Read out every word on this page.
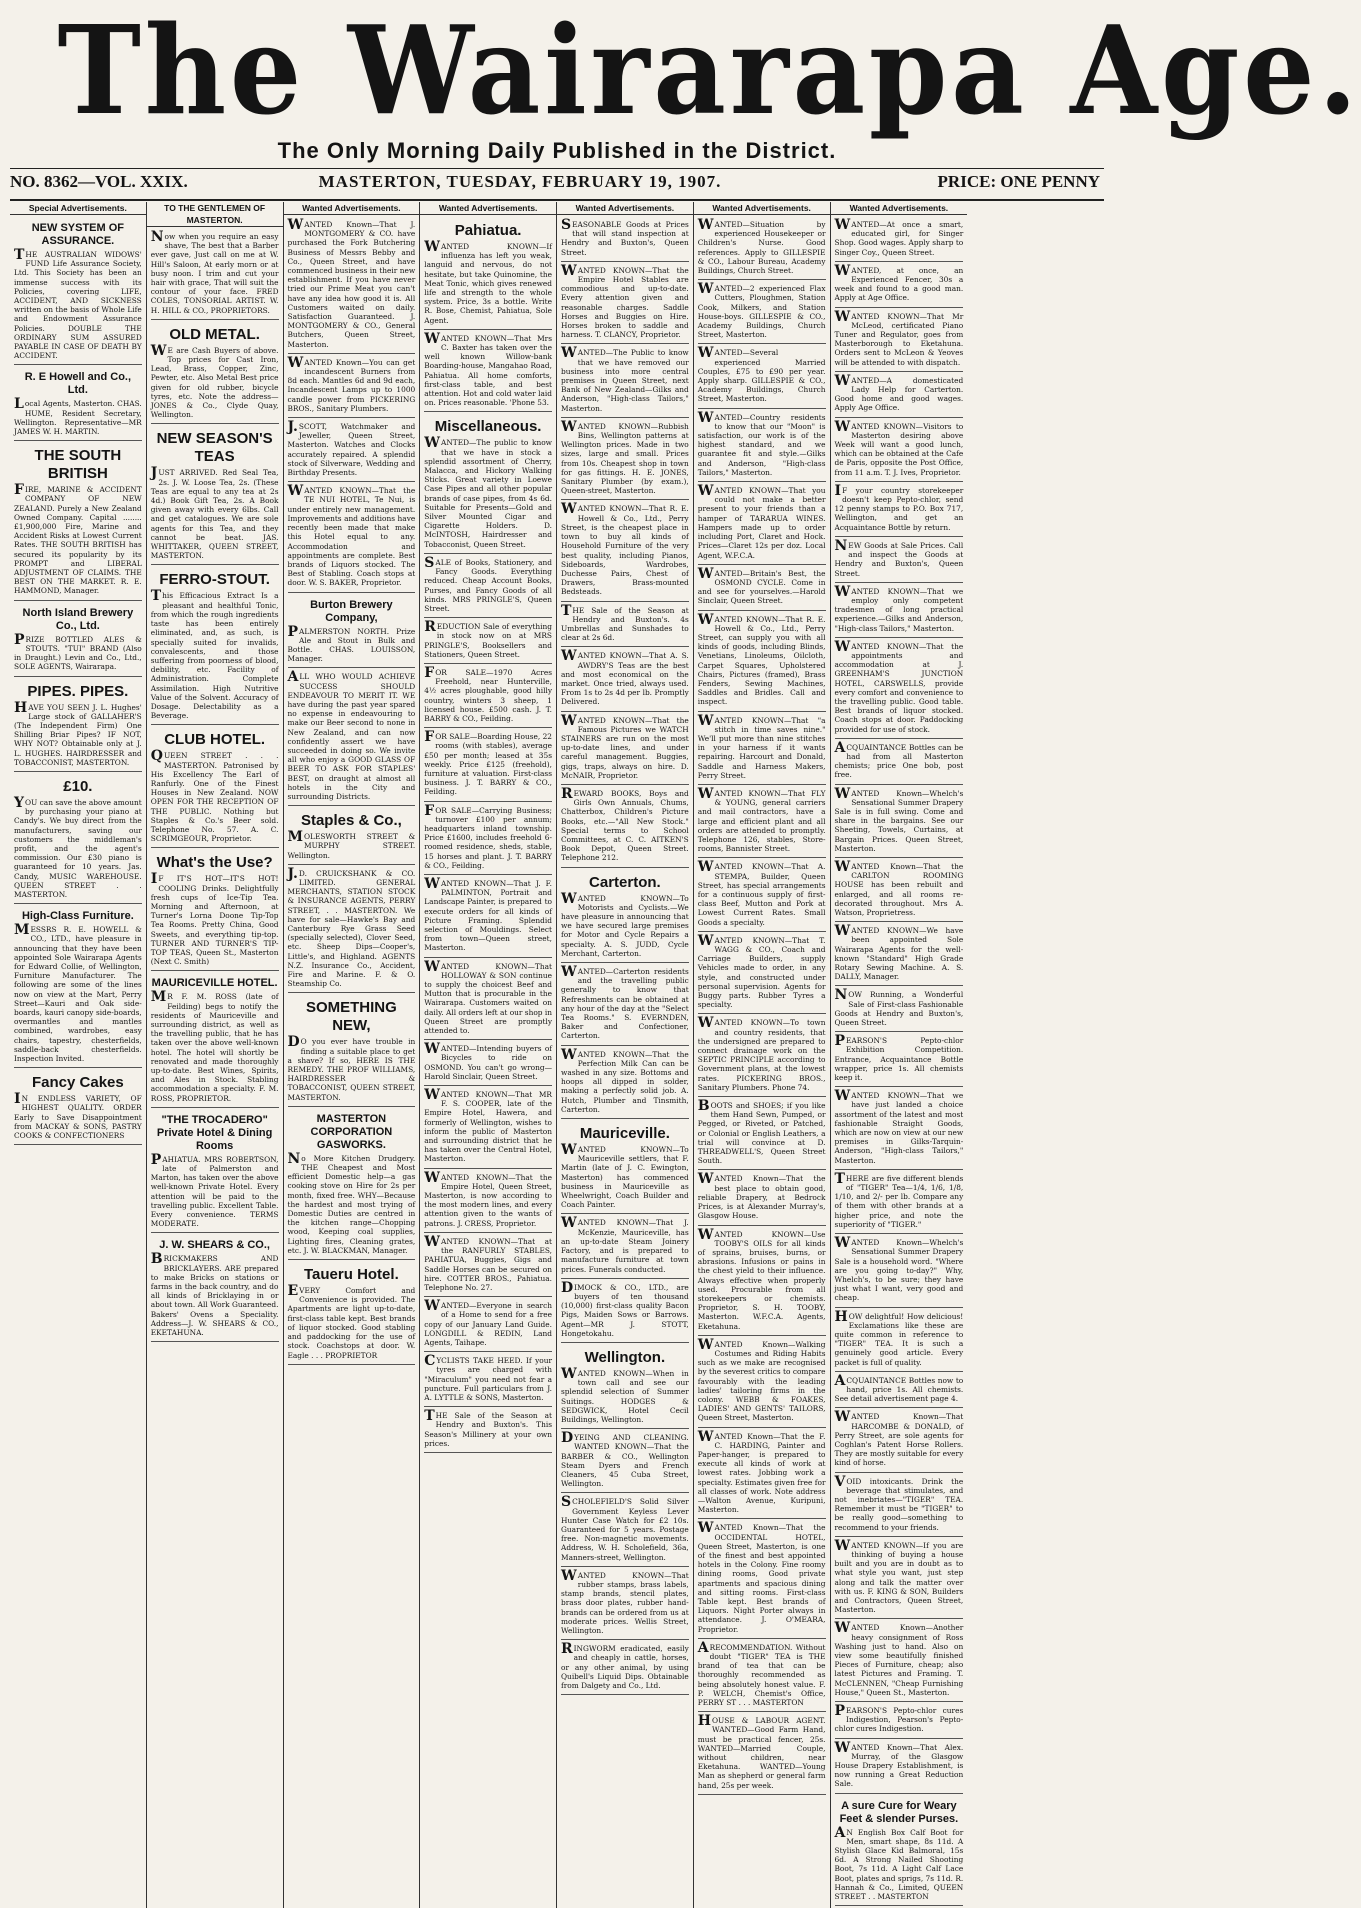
The Wairarapa Age.
The Only Morning Daily Published in the District.
NO. 8362—VOL. XXIX.	MASTERTON, TUESDAY, FEBRUARY 19, 1907.	PRICE: ONE PENNY
Special Advertisements.
NEW SYSTEM OF ASSURANCE.

THE AUSTRALIAN WIDOWS' FUND Life Assurance Society, Ltd. This Society has been an immense success with its Policies, covering LIFE, ACCIDENT, AND SICKNESS written on the basis of Whole Life and Endowment Assurance Policies. DOUBLE THE ORDINARY SUM ASSURED PAYABLE IN CASE OF DEATH BY ACCIDENT.

R. E Howell and Co., Ltd.

Local Agents, Masterton. CHAS. HUME, Resident Secretary, Wellington. Representative—MR JAMES W. H. MARTIN.

THE SOUTH BRITISH

FIRE, MARINE & ACCIDENT COMPANY OF NEW ZEALAND. Purely a New Zealand Owned Company. Capital ........ £1,900,000 Fire, Marine and Accident Risks at Lowest Current Rates. THE SOUTH BRITISH has secured its popularity by its PROMPT and LIBERAL ADJUSTMENT OF CLAIMS. THE BEST ON THE MARKET. R. E. HAMMOND, Manager.

North Island Brewery Co., Ltd.

PRIZE BOTTLED ALES & STOUTS. "TUI" BRAND (Also in Draught.) Levin and Co., Ltd., SOLE AGENTS, Wairarapa.

PIPES. PIPES.

HAVE YOU SEEN J. L. Hughes' Large stock of GALLAHER'S (The Independent Firm) One Shilling Briar Pipes? IF NOT, WHY NOT? Obtainable only at J. L. HUGHES. HAIRDRESSER and TOBACCONIST, MASTERTON.

£10.

YOU can save the above amount by purchasing your piano at Candy's. We buy direct from the manufacturers, saving our customers the middleman's profit, and the agent's commission. Our £30 piano is guaranteed for 10 years. Jas. Candy, MUSIC WAREHOUSE. QUEEN STREET . . MASTERTON.

High-Class Furniture.

MESSRS R. E. HOWELL & CO., LTD., have pleasure in announcing that they have been appointed Sole Wairarapa Agents for Edward Collie, of Wellington, Furniture Manufacturer. The following are some of the lines now on view at the Mart, Perry Street—Kauri and Oak side-boards, kauri canopy side-boards, overmantles and mantles combined, wardrobes, easy chairs, tapestry, chesterfields, saddle-back chesterfields. Inspection Invited.

Fancy Cakes

IN ENDLESS VARIETY, OF HIGHEST QUALITY. ORDER Early to Save Disappointment from MACKAY & SONS, PASTRY COOKS & CONFECTIONERS

TO THE GENTLEMEN OF MASTERTON.

Now when you require an easy shave, The best that a Barber ever gave, Just call on me at W. Hill's Saloon, At early morn or at busy noon. I trim and cut your hair with grace, That will suit the contour of your face. FRED COLES, TONSORIAL ARTIST. W. H. HILL & CO., PROPRIETORS.

OLD METAL.

WE are Cash Buyers of above. Top prices for Cast Iron, Lead, Brass, Copper, Zinc, Pewter, etc. Also Metal Best price given for old rubber, bicycle tyres, etc. Note the address—JONES & Co., Clyde Quay, Wellington.

NEW SEASON'S TEAS

JUST ARRIVED. Red Seal Tea, 2s. J. W. Loose Tea, 2s. (These Teas are equal to any tea at 2s 4d.) Book Gift Tea, 2s. A Book given away with every 6lbs. Call and get catalogues. We are sole agents for this Tea, and they cannot be beat. JAS. WHITTAKER, QUEEN STREET, MASTERTON.

FERRO-STOUT.

This Efficacious Extract Is a pleasant and healthful Tonic, from which the rough ingredients taste has been entirely eliminated, and, as such, is specially suited for invalids, convalescents, and those suffering from poorness of blood, debility, etc. Facility of Administration. Complete Assimilation. High Nutritive Value of the Solvent. Accuracy of Dosage. Delectability as a Beverage.

CLUB HOTEL.

QUEEN STREET . . . MASTERTON. Patronised by His Excellency The Earl of Ranfurly. One of the Finest Houses in New Zealand. NOW OPEN FOR THE RECEPTION OF THE PUBLIC. Nothing but Staples & Co.'s Beer sold. Telephone No. 57. A. C. SCRIMGEOUR, Proprietor.

What's the Use?

IF IT'S HOT—IT'S HOT! COOLING Drinks. Delightfully fresh cups of Ice-Tip Tea. Morning and Afternoon, at Turner's Lorna Doone Tip-Top Tea Rooms. Pretty China, Good Sweets, and everything tip-top. TURNER AND TURNER'S TIP-TOP TEAS, Queen St., Masterton (Next C. Smith)

MAURICEVILLE HOTEL.

MR F. M. ROSS (late of Feilding) begs to notify the residents of Mauriceville and surrounding district, as well as the travelling public, that he has taken over the above well-known hotel. The hotel will shortly be renovated and made thoroughly up-to-date. Best Wines, Spirits, and Ales in Stock. Stabling accommodation a specialty. F. M. ROSS, PROPRIETOR.

"THE TROCADERO" Private Hotel & Dining Rooms

PAHIATUA. MRS ROBERTSON, late of Palmerston and Marton, has taken over the above well-known Private Hotel. Every attention will be paid to the travelling public. Excellent Table. Every convenience. TERMS MODERATE.

J. W. SHEARS & CO.,

BRICKMAKERS AND BRICKLAYERS. ARE prepared to make Bricks on stations or farms in the back country, and do all kinds of Bricklaying in or about town. All Work Guaranteed. Bakers' Ovens a Speciality. Address—J. W. SHEARS & CO., EKETAHUNA.

Wanted Advertisements.

WANTED Known—That J. MONTGOMERY & CO. have purchased the Fork Butchering Business of Messrs Bebby and Co., Queen Street, and have commenced business in their new establishment. If you have never tried our Prime Meat you can't have any idea how good it is. All Customers waited on daily. Satisfaction Guaranteed. J. MONTGOMERY & CO., General Butchers, Queen Street, Masterton.

WANTED Known—You can get incandescent Burners from 8d each. Mantles 6d and 9d each, Incandescent Lamps up to 1000 candle power from PICKERING BROS., Sanitary Plumbers.

J.SCOTT, Watchmaker and Jeweller, Queen Street, Masterton. Watches and Clocks accurately repaired. A splendid stock of Silverware, Wedding and Birthday Presents.

WANTED KNOWN—That the TE NUI HOTEL, Te Nui, is under entirely new management. Improvements and additions have recently been made that make this Hotel equal to any. Accommodation and appointments are complete. Best brands of Liquors stocked. The Best of Stabling. Coach stops at door. W. S. BAKER, Proprietor.

Burton Brewery Company,

PALMERSTON NORTH. Prize Ale and Stout in Bulk and Bottle. CHAS. LOUISSON, Manager.

ALL WHO WOULD ACHIEVE SUCCESS SHOULD ENDEAVOUR TO MERIT IT. WE have during the past year spared no expense in endeavouring to make our Beer second to none in New Zealand, and can now confidently assert we have succeeded in doing so. We invite all who enjoy a GOOD GLASS OF BEER TO ASK FOR STAPLES' BEST, on draught at almost all hotels in the City and surrounding Districts.

Staples & Co.,

MOLESWORTH STREET & MURPHY STREET. Wellington.

J.D. CRUICKSHANK & CO. LIMITED. GENERAL MERCHANTS, STATION STOCK & INSURANCE AGENTS, PERRY STREET, . . MASTERTON. We have for sale—Hawke's Bay and Canterbury Rye Grass Seed (specially selected), Clover Seed, etc. Sheep Dips—Cooper's, Little's, and Highland. AGENTS N.Z. Insurance Co., Accident, Fire and Marine. F. & O. Steamship Co.

SOMETHING NEW,

DO you ever have trouble in finding a suitable place to get a shave? If so, HERE IS THE REMEDY. THE PROF WILLIAMS, HAIRDRESSER & TOBACCONIST, QUEEN STREET, MASTERTON.

MASTERTON CORPORATION GASWORKS.

No More Kitchen Drudgery. THE Cheapest and Most efficient Domestic help—a gas cooking stove on Hire for 2s per month, fixed free. WHY—Because the hardest and most trying of Domestic Duties are centred in the kitchen range—Chopping wood, Keeping coal supplies, Lighting fires, Cleaning grates, etc. J. W. BLACKMAN, Manager.

Taueru Hotel.

EVERY Comfort and Convenience is provided. The Apartments are light up-to-date, first-class table kept. Best brands of liquor stocked. Good stabling and paddocking for the use of stock. Coachstops at door. W. Eagle . . . PROPRIETOR

Wanted Advertisements.
Pahiatua.

WANTED KNOWN—If influenza has left you weak, languid and nervous, do not hesitate, but take Quinomine, the Meat Tonic, which gives renewed life and strength to the whole system. Price, 3s a bottle. Write R. Bose, Chemist, Pahiatua, Sole Agent.

WANTED KNOWN—That Mrs C. Baxter has taken over the well known Willow-bank Boarding-house, Mangahao Road, Pahiatua. All home comforts, first-class table, and best attention. Hot and cold water laid on. Prices reasonable. 'Phone 53.

Miscellaneous.

WANTED—The public to know that we have in stock a splendid assortment of Cherry, Malacca, and Hickory Walking Sticks. Great variety in Loewe Case Pipes and all other popular brands of case pipes, from 4s 6d. Suitable for Presents—Gold and Silver Mounted Cigar and Cigarette Holders. D. McINTOSH, Hairdresser and Tobacconist, Queen Street.

SALE of Books, Stationery, and Fancy Goods. Everything reduced. Cheap Account Books, Purses, and Fancy Goods of all kinds. MRS PRINGLE'S, Queen Street.

REDUCTION Sale of everything in stock now on at MRS PRINGLE'S, Booksellers and Stationers, Queen Street.

FOR SALE—1970 Acres Freehold, near Hunterville, 4½ acres ploughable, good hilly country, winters 3 sheep, 1 licensed house. £500 cash. J. T. BARRY & CO., Feilding.

FOR SALE—Boarding House, 22 rooms (with stables), average £50 per month; leased at 35s weekly. Price £125 (freehold), furniture at valuation. First-class business. J. T. BARRY & CO., Feilding.

FOR SALE—Carrying Business; turnover £100 per annum; headquarters inland township. Price £1600, includes freehold 6-roomed residence, sheds, stable, 15 horses and plant. J. T. BARRY & CO., Feilding.

WANTED KNOWN—That J. F. PALMINTON, Portrait and Landscape Painter, is prepared to execute orders for all kinds of Picture Framing. Splendid selection of Mouldings. Select from town—Queen street, Masterton.

WANTED KNOWN—That HOLLOWAY & SON continue to supply the choicest Beef and Mutton that is procurable in the Wairarapa. Customers waited on daily. All orders left at our shop in Queen Street are promptly attended to.

WANTED—Intending buyers of Bicycles to ride on OSMOND. You can't go wrong—Harold Sinclair, Queen Street.

WANTED KNOWN—That MR F. S. COOPER, late of the Empire Hotel, Hawera, and formerly of Wellington, wishes to inform the public of Masterton and surrounding district that he has taken over the Central Hotel, Masterton.

WANTED KNOWN—That the Empire Hotel, Queen Street, Masterton, is now according to the most modern lines, and every attention given to the wants of patrons. J. CRESS, Proprietor.

WANTED KNOWN—That at the RANFURLY STABLES, PAHIATUA, Buggies, Gigs and Saddle Horses can be secured on hire. COTTER BROS., Pahiatua. Telephone No. 27.

WANTED—Everyone in search of a Home to send for a free copy of our January Land Guide. LONGDILL & REDIN, Land Agents, Taihape.

CYCLISTS TAKE HEED. If your tyres are charged with "Miraculum" you need not fear a puncture. Full particulars from J. A. LYTTLE & SONS, Masterton.

THE Sale of the Season at Hendry and Buxton's. This Season's Millinery at your own prices.

Wanted Advertisements.

SEASONABLE Goods at Prices that will stand inspection at Hendry and Buxton's, Queen Street.

WANTED KNOWN—That the Empire Hotel Stables are commodious and up-to-date. Every attention given and reasonable charges. Saddle Horses and Buggies on Hire. Horses broken to saddle and harness. T. CLANCY, Proprietor.

WANTED—The Public to know that we have removed our business into more central premises in Queen Street, next Bank of New Zealand—Gilks and Anderson, "High-class Tailors," Masterton.

WANTED KNOWN—Rubbish Bins, Wellington patterns at Wellington prices. Made in two sizes, large and small. Prices from 10s. Cheapest shop in town for gas fittings. H. E. JONES, Sanitary Plumber (by exam.), Queen-street, Masterton.

WANTED KNOWN—That R. E. Howell & Co., Ltd., Perry Street, is the cheapest place in town to buy all kinds of Household Furniture of the very best quality, including Pianos, Sideboards, Wardrobes, Duchesse Pairs, Chest of Drawers, Brass-mounted Bedsteads.

THE Sale of the Season at Hendry and Buxton's. 4s Umbrellas and Sunshades to clear at 2s 6d.

WANTED KNOWN—That A. S. AWDRY'S Teas are the best and most economical on the market. Once tried, always used. From 1s to 2s 4d per lb. Promptly Delivered.

WANTED KNOWN—That the Famous Pictures we WATCH STAINERS are run on the most up-to-date lines, and under careful management. Buggies, gigs, traps, always on hire. D. McNAIR, Proprietor.

REWARD BOOKS, Boys and Girls Own Annuals, Chums, Chatterbox, Children's Picture Books, etc.—"All New Stock." Special terms to School Committees, at C. C. AITKEN'S Book Depot, Queen Street. Telephone 212.

Carterton.

WANTED KNOWN—To Motorists and Cyclists.—We have pleasure in announcing that we have secured large premises for Motor and Cycle Repairs a specialty. A. S. JUDD, Cycle Merchant, Carterton.

WANTED—Carterton residents and the travelling public generally to know that Refreshments can be obtained at any hour of the day at the "Select Tea Rooms." S. EVERNDEN, Baker and Confectioner, Carterton.

WANTED KNOWN—That the Perfection Milk Can can be washed in any size. Bottoms and hoops all dipped in solder, making a perfectly solid job. A. Hutch, Plumber and Tinsmith, Carterton.

Mauriceville.

WANTED KNOWN—To Mauriceville settlers, that F. Martin (late of J. C. Ewington, Masterton) has commenced business in Mauriceville as Wheelwright, Coach Builder and Coach Painter.

WANTED KNOWN—That J. McKenzie, Mauriceville, has an up-to-date Steam Joinery Factory, and is prepared to manufacture furniture at town prices. Funerals conducted.

DIMOCK & CO., LTD., are buyers of ten thousand (10,000) first-class quality Bacon Pigs, Maiden Sows or Barrows. Agent—MR J. STOTT, Hongetokahu.

Wellington.

WANTED KNOWN—When in town call and see our splendid selection of Summer Suitings. HODGES & SEDGWICK, Hotel Cecil Buildings, Wellington.

DYEING AND CLEANING. WANTED KNOWN—That the BARBER & CO., Wellington Steam Dyers and French Cleaners, 45 Cuba Street, Wellington.

SCHOLEFIELD'S Solid Silver Government Keyless Lever Hunter Case Watch for £2 10s. Guaranteed for 5 years. Postage free. Non-magnetic movements. Address, W. H. Scholefield, 36a, Manners-street, Wellington.

WANTED KNOWN—That rubber stamps, brass labels, stamp brands, stencil plates, brass door plates, rubber hand-brands can be ordered from us at moderate prices. Wellis Street, Wellington.

RINGWORM eradicated, easily and cheaply in cattle, horses, or any other animal, by using Quibell's Liquid Dips. Obtainable from Dalgety and Co., Ltd.

Wanted Advertisements.

WANTED—Situation by experienced Housekeeper or Children's Nurse. Good references. Apply to GILLESPIE & CO., Labour Bureau, Academy Buildings, Church Street.

WANTED—2 experienced Flax Cutters, Ploughmen, Station Cook, Milkers, and Station House-boys. GILLESPIE & CO., Academy Buildings, Church Street, Masterton.

WANTED—Several experienced Married Couples, £75 to £90 per year. Apply sharp. GILLESPIE & CO., Academy Buildings, Church Street, Masterton.

WANTED—Country residents to know that our "Moon" is satisfaction, our work is of the highest standard, and we guarantee fit and style.—Gilks and Anderson, "High-class Tailors," Masterton.

WANTED KNOWN—That you could not make a better present to your friends than a hamper of TARARUA WINES. Hampers made up to order including Port, Claret and Hock. Prices—Claret 12s per doz. Local Agent, W.F.C.A.

WANTED—Britain's Best, the OSMOND CYCLE. Come in and see for yourselves.—Harold Sinclair, Queen Street.

WANTED KNOWN—That R. E. Howell & Co., Ltd., Perry Street, can supply you with all kinds of goods, including Blinds, Venetians, Linoleums, Oilcloth, Carpet Squares, Upholstered Chairs, Pictures (framed), Brass Fenders, Sewing Machines, Saddles and Bridles. Call and inspect.

WANTED KNOWN—That "a stitch in time saves nine." We'll put more than nine stitches in your harness if it wants repairing. Harcourt and Donald, Saddle and Harness Makers, Perry Street.

WANTED KNOWN—That FLY & YOUNG, general carriers and mail contractors, have a large and efficient plant and all orders are attended to promptly. Telephone 126, stables, Store-rooms, Bannister Street.

WANTED KNOWN—That A. STEMPA, Builder, Queen Street, has special arrangements for a continuous supply of first-class Beef, Mutton and Pork at Lowest Current Rates. Small Goods a specialty.

WANTED KNOWN—That T. WAGG & CO., Coach and Carriage Builders, supply Vehicles made to order, in any style, and constructed under personal supervision. Agents for Buggy parts. Rubber Tyres a specialty.

WANTED KNOWN—To town and country residents, that the undersigned are prepared to connect drainage work on the SEPTIC PRINCIPLE according to Government plans, at the lowest rates. PICKERING BROS., Sanitary Plumbers. Phone 74.

BOOTS and SHOES; if you like them Hand Sewn, Pumped, or Pegged, or Riveted, or Patched, or Colonial or English Leathers, a trial will convince at D. THREADWELL'S, Queen Street South.

WANTED Known—That the best place to obtain good, reliable Drapery, at Bedrock Prices, is at Alexander Murray's, Glasgow House.

WANTED KNOWN—Use TOOBY'S OILS for all kinds of sprains, bruises, burns, or abrasions. Infusions or pains in the chest yield to their influence. Always effective when properly used. Procurable from all storekeepers or chemists. Proprietor, S. H. TOOBY, Masterton. W.F.C.A. Agents, Eketahuna.

WANTED Known—Walking Costumes and Riding Habits such as we make are recognised by the severest critics to compare favourably with the leading ladies' tailoring firms in the colony. WEBB & FOAKES, LADIES' AND GENTS' TAILORS, Queen Street, Masterton.

WANTED Known—That the F. C. HARDING, Painter and Paper-hanger, is prepared to execute all kinds of work at lowest rates. Jobbing work a specialty. Estimates given free for all classes of work. Note address—Walton Avenue, Kuripuni, Masterton.

WANTED Known—That the OCCIDENTAL HOTEL, Queen Street, Masterton, is one of the finest and best appointed hotels in the Colony. Fine roomy dining rooms, Good private apartments and spacious dining and sitting rooms. First-class Table kept. Best brands of Liquors. Night Porter always in attendance. J. O'MEARA, Proprietor.

ARECOMMENDATION. Without doubt "TIGER" TEA is THE brand of tea that can be thoroughly recommended as being absolutely honest value. F. P. WELCH, Chemist's Office, PERRY ST . . . MASTERTON

HOUSE & LABOUR AGENT. WANTED—Good Farm Hand, must be practical fencer, 25s. WANTED—Married Couple, without children, near Eketahuna. WANTED—Young Man as shepherd or general farm hand, 25s per week.

Wanted Advertisements.

WANTED—At once a smart, educated girl, for Singer Shop. Good wages. Apply sharp to Singer Coy., Queen Street.

WANTED, at once, an Experienced Fencer, 30s a week and found to a good man. Apply at Age Office.

WANTED KNOWN—That Mr McLeod, certificated Piano Tuner and Regulator, goes from Masterborough to Eketahuna. Orders sent to McLeon & Yeoves will be attended to with dispatch.

WANTED—A domesticated Lady Help for Carterton. Good home and good wages. Apply Age Office.

WANTED KNOWN—Visitors to Masterton desiring above Week will want a good lunch, which can be obtained at the Cafe de Paris, opposite the Post Office, from 11 a.m. T. J. Ives, Proprietor.

IF your country storekeeper doesn't keep Pepto-chlor, send 12 penny stamps to P.O. Box 717, Wellington, and get an Acquaintance Bottle by return.

NEW Goods at Sale Prices. Call and inspect the Goods at Hendry and Buxton's, Queen Street.

WANTED KNOWN—That we employ only competent tradesmen of long practical experience.—Gilks and Anderson, "High-class Tailors," Masterton.

WANTED KNOWN—That the appointments and accommodation at J. GREENHAM'S JUNCTION HOTEL, CARSWELLS, provide every comfort and convenience to the travelling public. Good table. Best brands of liquor stocked. Coach stops at door. Paddocking provided for use of stock.

ACQUAINTANCE Bottles can be had from all Masterton chemists; price One bob, post free.

WANTED Known—Whelch's Sensational Summer Drapery Sale is in full swing. Come and share in the bargains. See our Sheeting, Towels, Curtains, at Bargain Prices. Queen Street, Masterton.

WANTED Known—That the CARLTON ROOMING HOUSE has been rebuilt and enlarged, and all rooms re-decorated throughout. Mrs A. Watson, Proprietress.

WANTED KNOWN—We have been appointed Sole Wairarapa Agents for the well-known "Standard" High Grade Rotary Sewing Machine. A. S. DALLY, Manager.

NOW Running, a Wonderful Sale of First-class Fashionable Goods at Hendry and Buxton's, Queen Street.

PEARSON'S Pepto-chlor Exhibition Competition. Entrance, Acquaintance Bottle wrapper, price 1s. All chemists keep it.

WANTED KNOWN—That we have just landed a choice assortment of the latest and most fashionable Straight Goods, which are now on view at our new premises in Gilks-Tarquin-Anderson, "High-class Tailors," Masterton.

THERE are five different blends of "TIGER" Tea—1/4, 1/6, 1/8, 1/10, and 2/- per lb. Compare any of them with other brands at a higher price, and note the superiority of "TIGER."

WANTED Known—Whelch's Sensational Summer Drapery Sale is a household word. "Where are you going to-day?" Why, Whelch's, to be sure; they have just what I want, very good and cheap.

HOW delightful! How delicious! Exclamations like these are quite common in reference to "TIGER" TEA. It is such a genuinely good article. Every packet is full of quality.

ACQUAINTANCE Bottles now to hand, price 1s. All chemists. See detail advertisement page 4.

WANTED Known—That HARCOMBE & DONALD, of Perry Street, are sole agents for Coghlan's Patent Horse Rollers. They are mostly suitable for every kind of horse.

VOID intoxicants. Drink the beverage that stimulates, and not inebriates—"TIGER" TEA. Remember it must be "TIGER" to be really good—something to recommend to your friends.

WANTED KNOWN—If you are thinking of buying a house built and you are in doubt as to what style you want, just step along and talk the matter over with us. F. KING & SON, Builders and Contractors, Queen Street, Masterton.

WANTED Known—Another heavy consignment of Ross Washing just to hand. Also on view some beautifully finished Pieces of Furniture, cheap; also latest Pictures and Framing. T. McCLENNEN, "Cheap Furnishing House," Queen St., Masterton.

PEARSON'S Pepto-chlor cures Indigestion, Pearson's Pepto-chlor cures Indigestion.

WANTED Known—That Alex. Murray, of the Glasgow House Drapery Establishment, is now running a Great Reduction Sale.

A sure Cure for Weary Feet & slender Purses.

AN English Box Calf Boot for Men, smart shape, 8s 11d. A Stylish Glace Kid Balmoral, 15s 6d. A Strong Nailed Shooting Boot, 7s 11d. A Light Calf Lace Boot, plates and sprigs, 7s 11d. R. Hannah & Co., Limited, QUEEN STREET . . MASTERTON
